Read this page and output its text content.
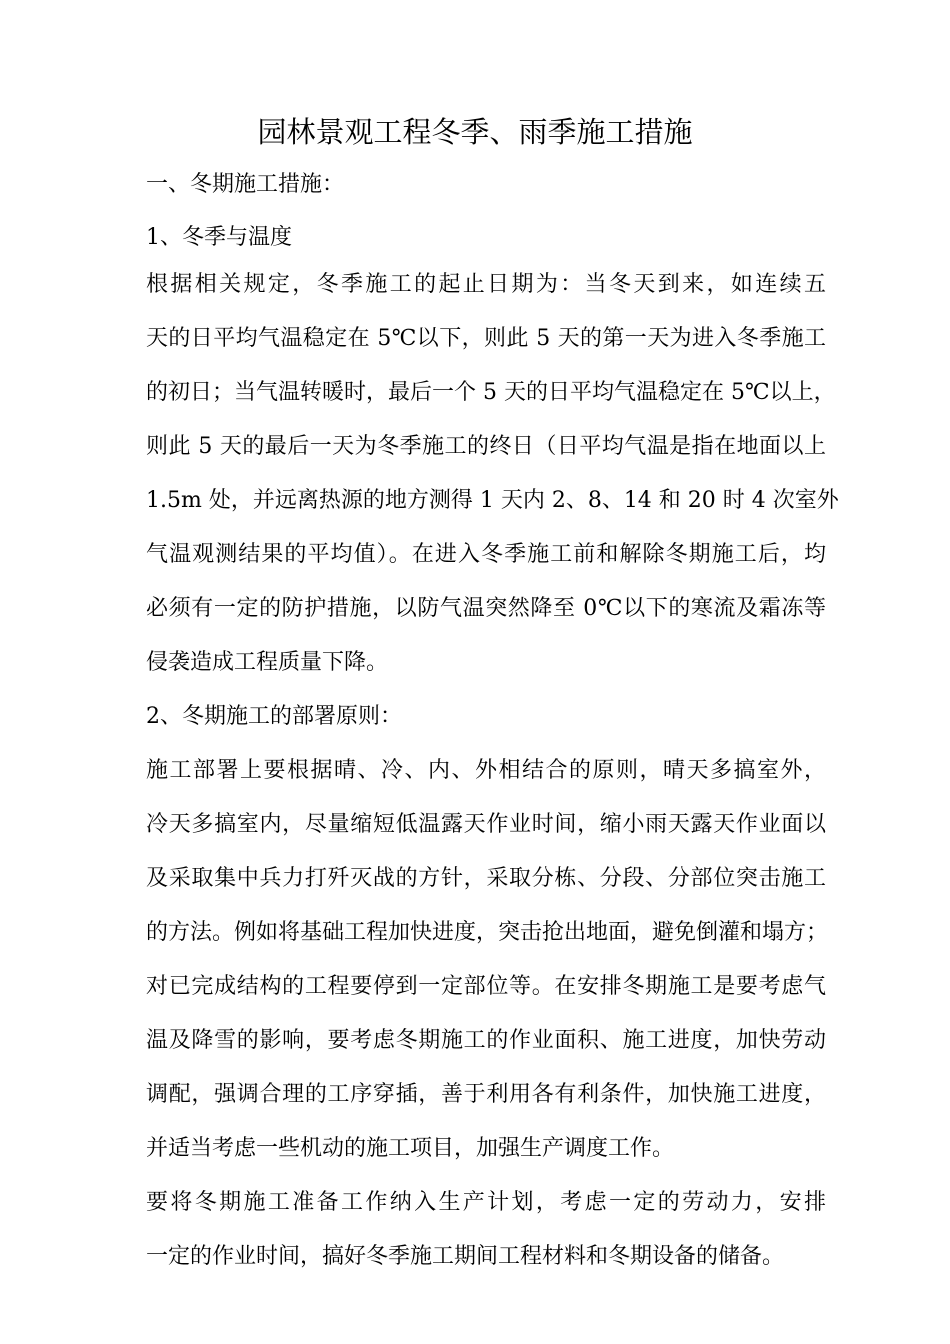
园林景观工程冬季、雨季施工措施
一、冬期施工措施：
1、冬季与温度
根据相关规定，冬季施工的起止日期为：当冬天到来，如连续五
天的日平均气温稳定在 5℃以下，则此 5 天的第一天为进入冬季施工
的初日；当气温转暖时，最后一个 5 天的日平均气温稳定在 5℃以上，
则此 5 天的最后一天为冬季施工的终日（日平均气温是指在地面以上
1.5m 处，并远离热源的地方测得 1 天内 2、8、14 和 20 时 4 次室外
气温观测结果的平均值）。在进入冬季施工前和解除冬期施工后，均
必须有一定的防护措施，以防气温突然降至 0℃以下的寒流及霜冻等
侵袭造成工程质量下降。
2、冬期施工的部署原则：
施工部署上要根据晴、冷、内、外相结合的原则，晴天多搞室外，
冷天多搞室内，尽量缩短低温露天作业时间，缩小雨天露天作业面以
及采取集中兵力打歼灭战的方针，采取分栋、分段、分部位突击施工
的方法。例如将基础工程加快进度，突击抢出地面，避免倒灌和塌方；
对已完成结构的工程要停到一定部位等。在安排冬期施工是要考虑气
温及降雪的影响，要考虑冬期施工的作业面积、施工进度，加快劳动
调配，强调合理的工序穿插，善于利用各有利条件，加快施工进度，
并适当考虑一些机动的施工项目，加强生产调度工作。
要将冬期施工准备工作纳入生产计划，考虑一定的劳动力，安排
一定的作业时间，搞好冬季施工期间工程材料和冬期设备的储备。
